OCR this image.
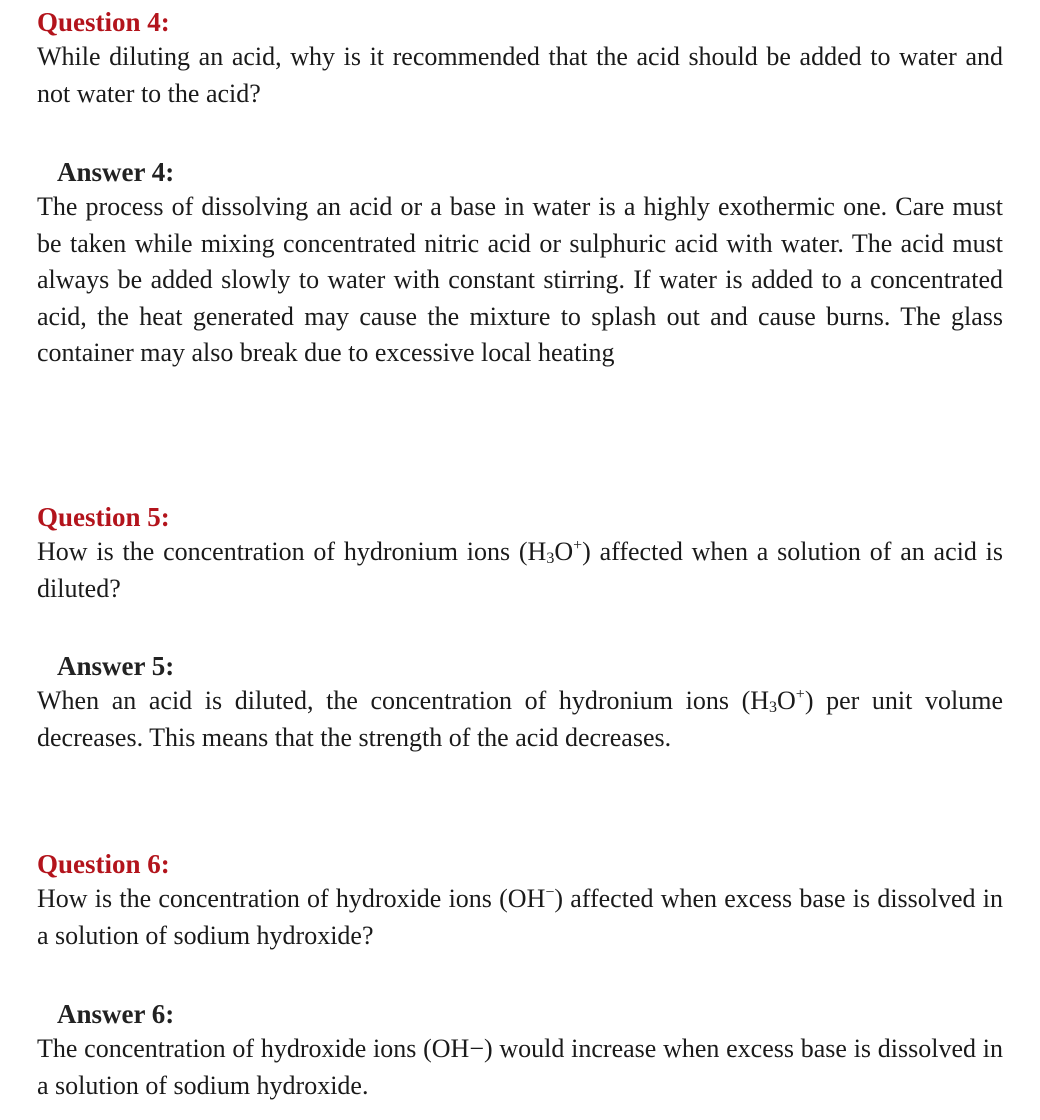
Question 4:

While diluting an acid, why is it recommended that the acid should be added to water and not water to the acid?

Answer 4:

The process of dissolving an acid or a base in water is a highly exothermic one. Care must be taken while mixing concentrated nitric acid or sulphuric acid with water. The acid must always be added slowly to water with constant stirring. If water is added to a concentrated acid, the heat generated may cause the mixture to splash out and cause burns. The glass container may also break due to excessive local heating

Question 5:

How is the concentration of hydronium ions (H3O+) affected when a solution of an acid is diluted?

Answer 5:

When an acid is diluted, the concentration of hydronium ions (H3O+) per unit volume decreases. This means that the strength of the acid decreases.

Question 6:

How is the concentration of hydroxide ions (OH−) affected when excess base is dissolved in a solution of sodium hydroxide?

Answer 6:

The concentration of hydroxide ions (OH−) would increase when excess base is dissolved in a solution of sodium hydroxide.
